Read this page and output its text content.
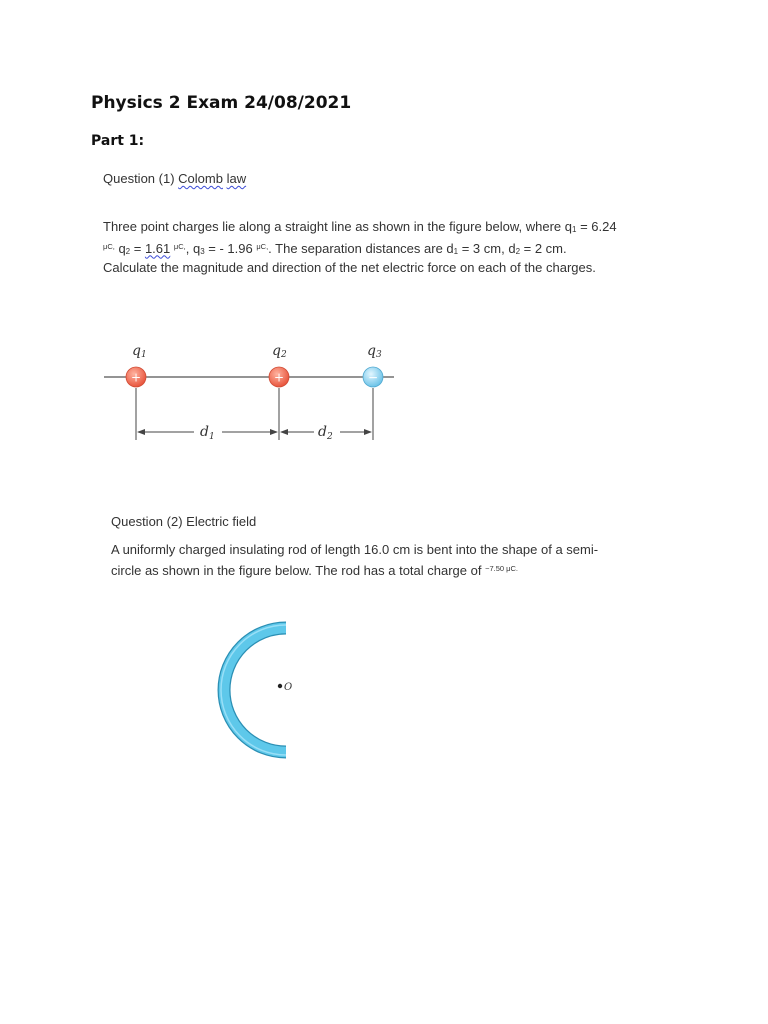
Physics 2 Exam 24/08/2021
Part 1:
Question (1) Colomb law
Three point charges lie along a straight line as shown in the figure below, where q1 = 6.24
$^{\mu C,}$ q2 = 1.61 $^{\mu C,}$, q3 = - 1.96 $^{\mu C,}$. The separation distances are d1 = 3 cm, d2 = 2 cm.
Calculate the magnitude and direction of the net electric force on each of the charges.
q1	q2	q3
+	+	−
$d_1$	$d_2$
Question (2) Electric field
A uniformly charged insulating rod of length 16.0 cm is bent into the shape of a semi-
circle as shown in the figure below. The rod has a total charge of $^{-7.50 \mu C.}$
O
